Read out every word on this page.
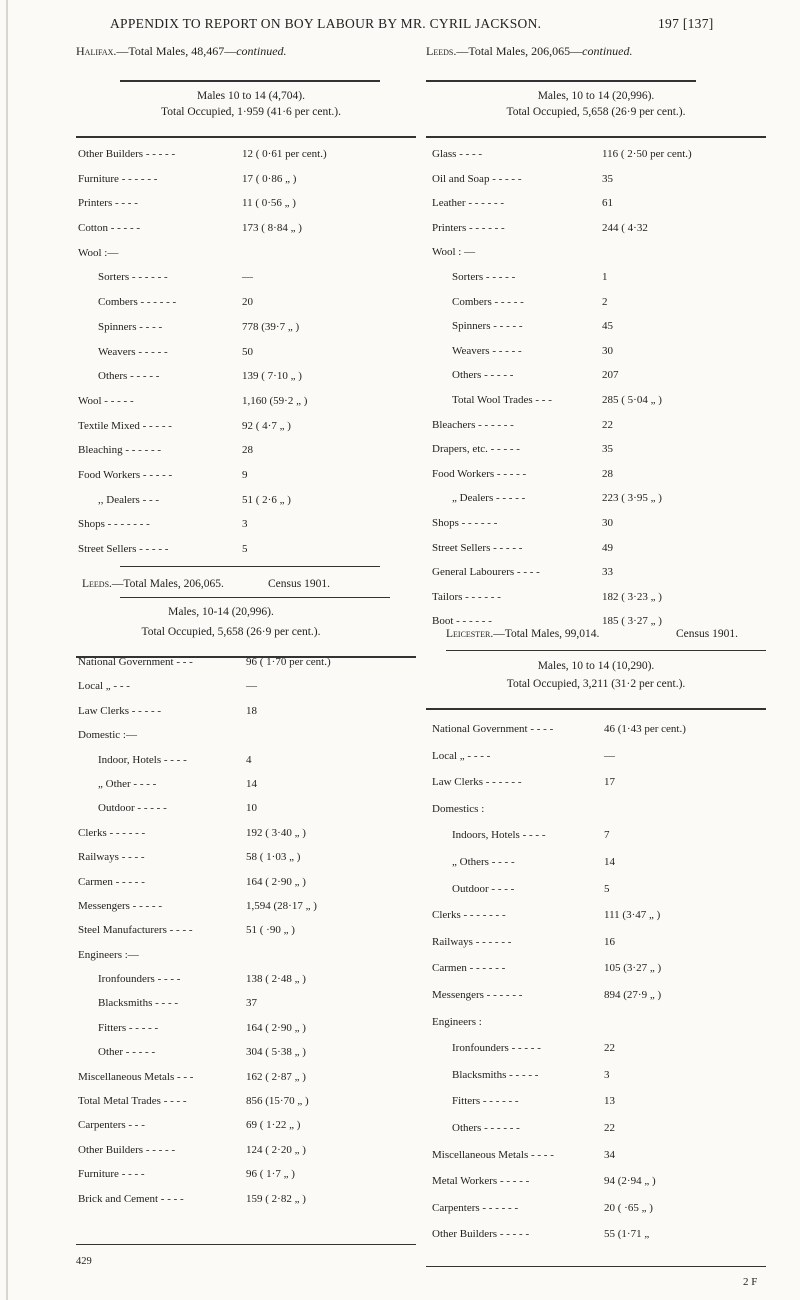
APPENDIX TO REPORT ON BOY LABOUR BY MR. CYRIL JACKSON.	197 [137]
Halifax.—Total Males, 48,467—continued.	Leeds.—Total Males, 206,065—continued.
Males 10 to 14 (4,704).
Total Occupied, 1·959 (41·6 per cent.).
Other Builders - - - - -	12 ( 0·61 per cent.)
Furniture - - - - - -	17 ( 0·86 „ )
Printers - - - -	11 ( 0·56 „ )
Cotton - - - - -	173 ( 8·84 „ )
Wool :—
Sorters - - - - - -	—
Combers - - - - - -	20
Spinners - - - -	778 (39·7 „ )
Weavers - - - - -	50
Others - - - - -	139 ( 7·10 „ )
Wool - - - - -	1,160 (59·2 „ )
Textile Mixed - - - - -	92 ( 4·7 „ )
Bleaching - - - - - -	28
Food Workers - - - - -	9
,, Dealers - - -	51 ( 2·6 „ )
Shops - - - - - - -	3
Street Sellers - - - - -	5
Leeds.—Total Males, 206,065.	Census 1901.
Males, 10-14 (20,996).
Total Occupied, 5,658 (26·9 per cent.).
National Government - - -	96 ( 1·70 per cent.)
Local „ - - -	—
Law Clerks - - - - -	18
Domestic :—
Indoor, Hotels - - - -	4
„ Other - - - -	14
Outdoor - - - - -	10
Clerks - - - - - -	192 ( 3·40 „ )
Railways - - - -	58 ( 1·03 „ )
Carmen - - - - -	164 ( 2·90 „ )
Messengers - - - - -	1,594 (28·17 „ )
Steel Manufacturers - - - -	51 ( ·90 „ )
Engineers :—
Ironfounders - - - -	138 ( 2·48 „ )
Blacksmiths - - - -	37
Fitters - - - - -	164 ( 2·90 „ )
Other - - - - -	304 ( 5·38 „ )
Miscellaneous Metals - - -	162 ( 2·87 „ )
Total Metal Trades - - - -	856 (15·70 „ )
Carpenters - - -	69 ( 1·22 „ )
Other Builders - - - - -	124 ( 2·20 „ )
Furniture - - - -	96 ( 1·7 „ )
Brick and Cement - - - -	159 ( 2·82 „ )
Males, 10 to 14 (20,996).
Total Occupied, 5,658 (26·9 per cent.).
Glass - - - -	116 ( 2·50 per cent.)
Oil and Soap - - - - -	35
Leather - - - - - -	61
Printers - - - - - -	244 ( 4·32
Wool : —
Sorters - - - - -	1
Combers - - - - -	2
Spinners - - - - -	45
Weavers - - - - -	30
Others - - - - -	207
Total Wool Trades - - -	285 ( 5·04 „ )
Bleachers - - - - - -	22
Drapers, etc. - - - - -	35
Food Workers - - - - -	28
„ Dealers - - - - -	223 ( 3·95 „ )
Shops - - - - - -	30
Street Sellers - - - - -	49
General Labourers - - - -	33
Tailors - - - - - -	182 ( 3·23 „ )
Boot - - - - - -	185 ( 3·27 „ )
Leicester.—Total Males, 99,014.	Census 1901.
Males, 10 to 14 (10,290).
Total Occupied, 3,211 (31·2 per cent.).
National Government - - - -	46 (1·43 per cent.)
Local „ - - - -	—
Law Clerks - - - - - -	17
Domestics :
Indoors, Hotels - - - -	7
„ Others - - - -	14
Outdoor - - - -	5
Clerks - - - - - - -	111 (3·47 „ )
Railways - - - - - -	16
Carmen - - - - - -	105 (3·27 „ )
Messengers - - - - - -	894 (27·9 „ )
Engineers :
Ironfounders - - - - -	22
Blacksmiths - - - - -	3
Fitters - - - - - -	13
Others - - - - - -	22
Miscellaneous Metals - - - -	34
Metal Workers - - - - -	94 (2·94 „ )
Carpenters - - - - - -	20 ( ·65 „ )
Other Builders - - - - -	55 (1·71 „
429
2 F
